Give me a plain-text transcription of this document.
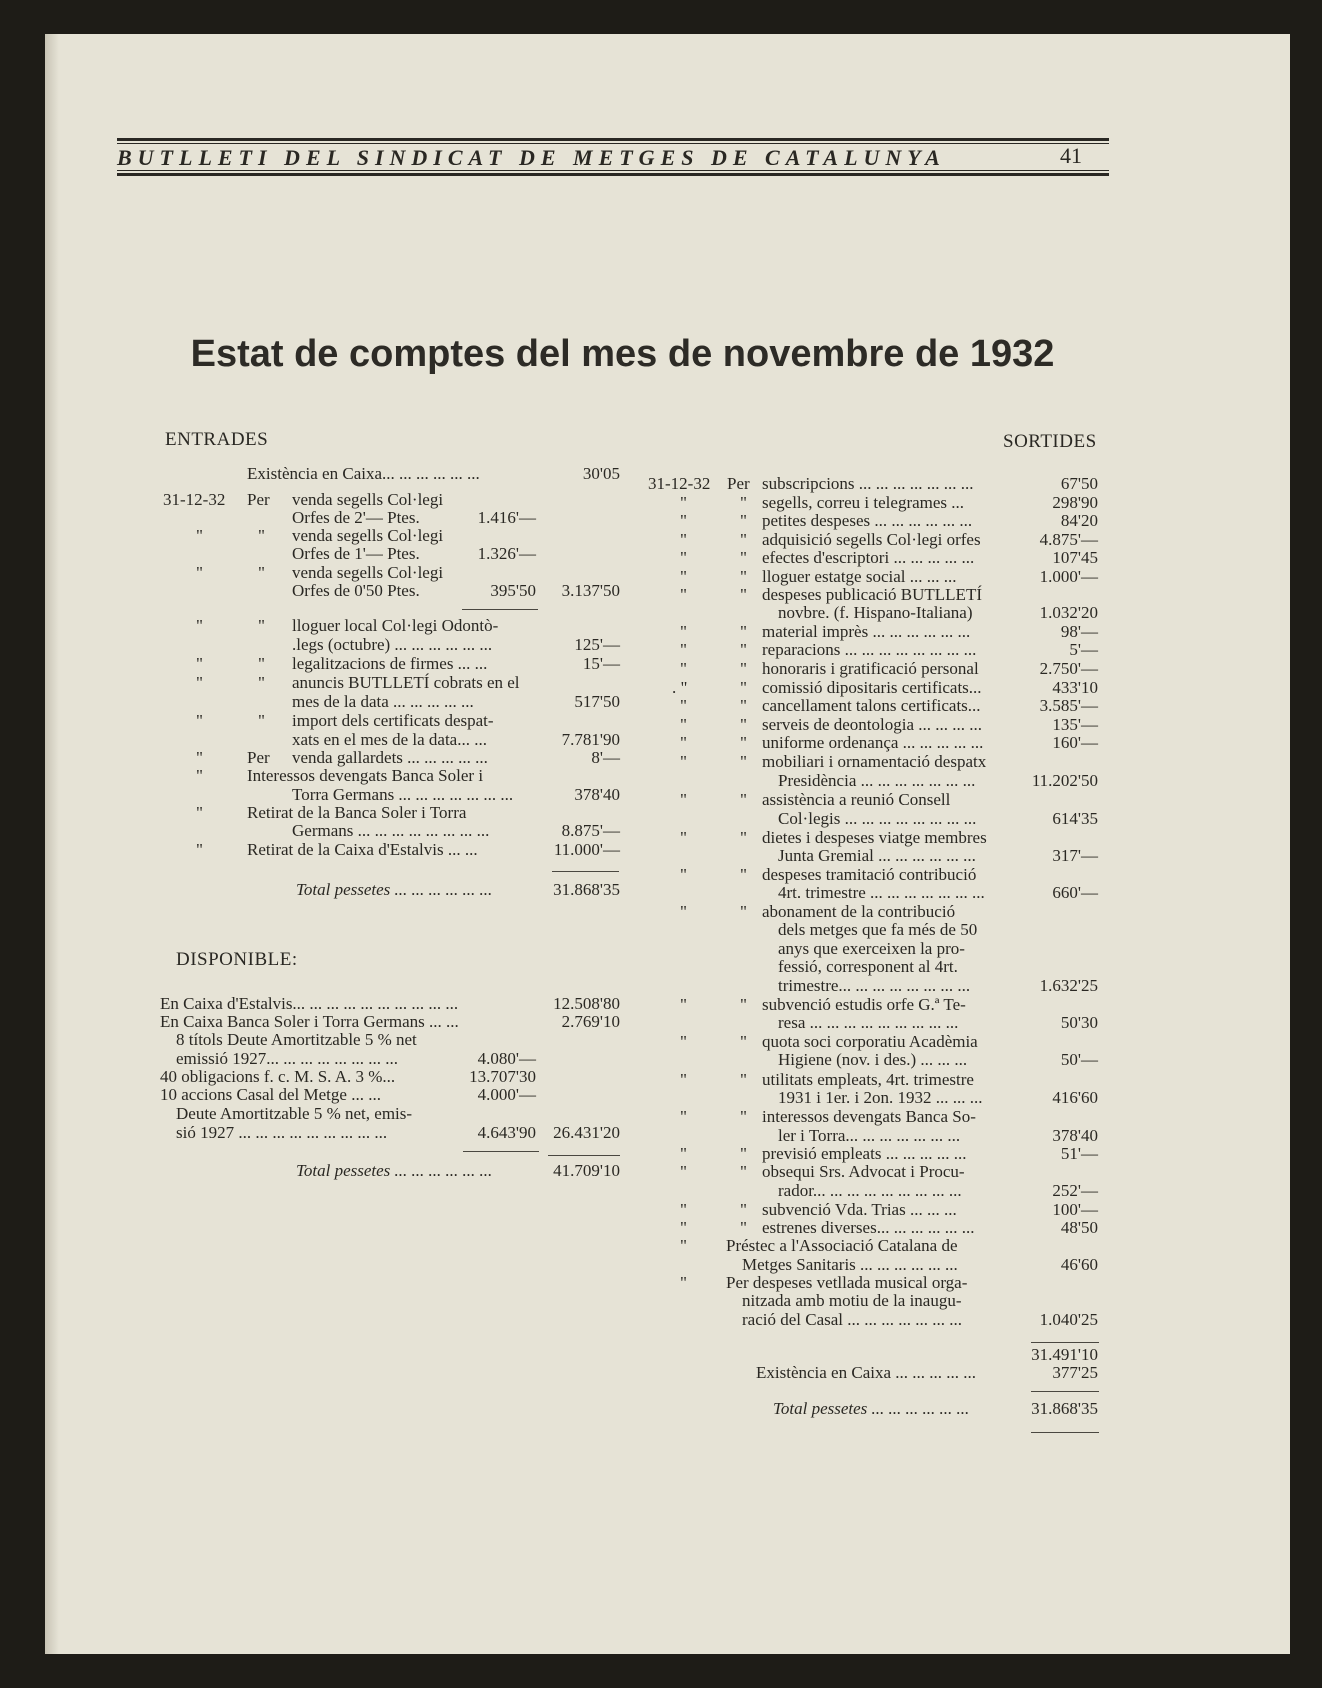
BUTLLETI DEL SINDICAT DE METGES DE CATALUNYA	41
Estat de comptes del mes de novembre de 1932
ENTRADES	SORTIDES
Existència en Caixa... ... ... ... ... ...	30'05
31-12-32 Per venda segells Col·legi
Orfes de 2'— Ptes.	1.416'—
"	" venda segells Col·legi
Orfes de 1'— Ptes.	1.326'—
"	" venda segells Col·legi
Orfes de 0'50 Ptes.	395'50	3.137'50
"	" lloguer local Col·legi Odontò-
.legs (octubre) ... ... ... ... ... ...	125'—
"	" legalitzacions de firmes ... ...	15'—
"	" anuncis BUTLLETÍ cobrats en el
mes de la data ... ... ... ... ...	517'50
"	" import dels certificats despat-
xats en el mes de la data... ...	7.781'90
"	Per venda gallardets ... ... ... ... ...	8'—
"	Interessos devengats Banca Soler i
Torra Germans ... ... ... ... ... ... ...	378'40
"	Retirat de la Banca Soler i Torra
Germans ... ... ... ... ... ... ... ...	8.875'—
"	Retirat de la Caixa d'Estalvis ... ...	11.000'—
Total pessetes ... ... ... ... ... ...	31.868'35
DISPONIBLE:
En Caixa d'Estalvis... ... ... ... ... ... ... ... ... ...	12.508'80
En Caixa Banca Soler i Torra Germans ... ...	2.769'10
8 títols Deute Amortitzable 5 % net
emissió 1927... ... ... ... ... ... ... ...	4.080'—
40 obligacions f. c. M. S. A. 3 %...	13.707'30
10 accions Casal del Metge ... ...	4.000'—
Deute Amortitzable 5 % net, emis-
sió 1927 ... ... ... ... ... ... ... ... ...	4.643'90	26.431'20
Total pessetes ... ... ... ... ... ...	41.709'10
31-12-32 Per subscripcions ... ... ... ... ... ... ...	67'50
"	" segells, correu i telegrames ...	298'90
"	" petites despeses ... ... ... ... ... ...	84'20
"	" adquisició segells Col·legi orfes	4.875'—
"	" efectes d'escriptori ... ... ... ... ...	107'45
"	" lloguer estatge social ... ... ...	1.000'—
"	" despeses publicació BUTLLETÍ
novbre. (f. Hispano-Italiana)	1.032'20
"	" material imprès ... ... ... ... ... ...	98'—
"	" reparacions ... ... ... ... ... ... ... ...	5'—
"	" honoraris i gratificació personal	2.750'—
. "	" comissió dipositaris certificats...	433'10
"	" cancellament talons certificats...	3.585'—
"	" serveis de deontologia ... ... ... ...	135'—
"	" uniforme ordenança ... ... ... ... ...	160'—
"	" mobiliari i ornamentació despatx
Presidència ... ... ... ... ... ... ...	11.202'50
"	" assistència a reunió Consell
Col·legis ... ... ... ... ... ... ... ...	614'35
"	" dietes i despeses viatge membres
Junta Gremial ... ... ... ... ... ...	317'—
"	" despeses tramitació contribució
4rt. trimestre ... ... ... ... ... ... ...	660'—
"	" abonament de la contribució
dels metges que fa més de 50
anys que exerceixen la pro-
fessió, corresponent al 4rt.
trimestre... ... ... ... ... ... ... ...	1.632'25
"	" subvenció estudis orfe G.ª Te-
resa ... ... ... ... ... ... ... ... ...	50'30
"	" quota soci corporatiu Acadèmia
Higiene (nov. i des.) ... ... ...	50'—
"	" utilitats empleats, 4rt. trimestre
1931 i 1er. i 2on. 1932 ... ... ...	416'60
"	" interessos devengats Banca So-
ler i Torra... ... ... ... ... ... ...	378'40
"	" previsió empleats ... ... ... ... ...	51'—
"	" obsequi Srs. Advocat i Procu-
rador... ... ... ... ... ... ... ... ...	252'—
"	" subvenció Vda. Trias ... ... ...	100'—
"	" estrenes diverses... ... ... ... ... ...	48'50
" Préstec a l'Associació Catalana de
Metges Sanitaris ... ... ... ... ... ...	46'60
" Per despeses vetllada musical orga-
nitzada amb motiu de la inaugu-
ració del Casal ... ... ... ... ... ... ...	1.040'25
31.491'10
Existència en Caixa ... ... ... ... ...	377'25
Total pessetes ... ... ... ... ... ...	31.868'35
